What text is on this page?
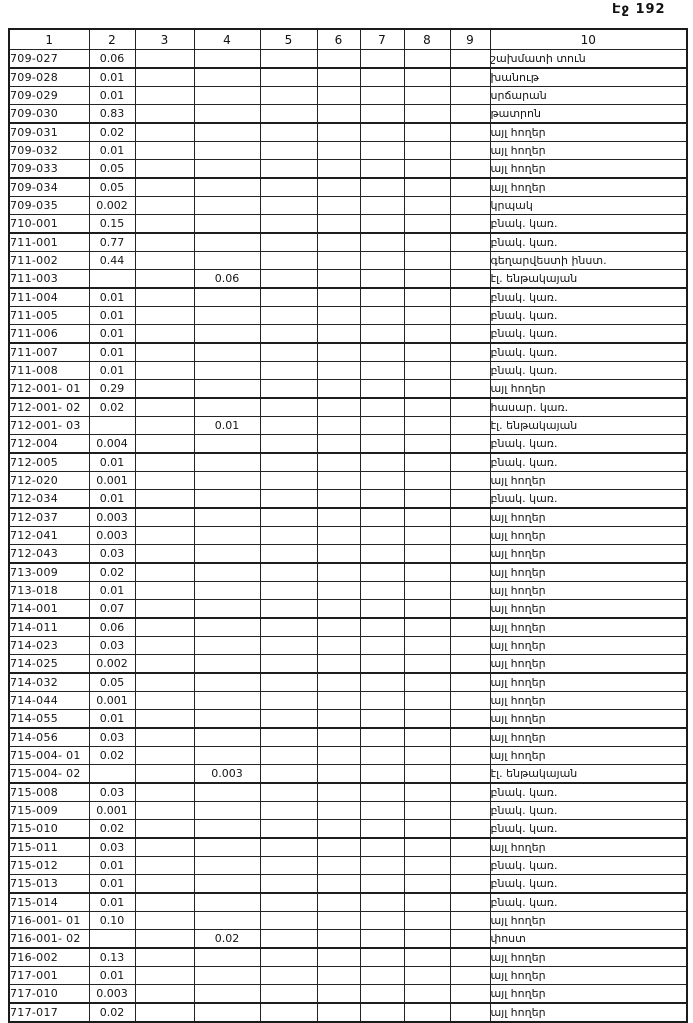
Էջ 192
1	2	3	4	5	6	7	8	9	10
709-027	0.06								շախմատի տուն
709-028	0.01								խանութ
709-029	0.01								սրճարան
709-030	0.83								թատրոն
709-031	0.02								այլ հողեր
709-032	0.01								այլ հողեր
709-033	0.05								այլ հողեր
709-034	0.05								այլ հողեր
709-035	0.002								կրպակ
710-001	0.15								բնակ. կառ.
711-001	0.77								բնակ. կառ.
711-002	0.44								գեղարվեստի ինստ.
711-003			0.06						էլ. ենթակայան
711-004	0.01								բնակ. կառ.
711-005	0.01								բնակ. կառ.
711-006	0.01								բնակ. կառ.
711-007	0.01								բնակ. կառ.
711-008	0.01								բնակ. կառ.
712-001- 01	0.29								այլ հողեր
712-001- 02	0.02								հասար. կառ.
712-001- 03			0.01						էլ. ենթակայան
712-004	0.004								բնակ. կառ.
712-005	0.01								բնակ. կառ.
712-020	0.001								այլ հողեր
712-034	0.01								բնակ. կառ.
712-037	0.003								այլ հողեր
712-041	0.003								այլ հողեր
712-043	0.03								այլ հողեր
713-009	0.02								այլ հողեր
713-018	0.01								այլ հողեր
714-001	0.07								այլ հողեր
714-011	0.06								այլ հողեր
714-023	0.03								այլ հողեր
714-025	0.002								այլ հողեր
714-032	0.05								այլ հողեր
714-044	0.001								այլ հողեր
714-055	0.01								այլ հողեր
714-056	0.03								այլ հողեր
715-004- 01	0.02								այլ հողեր
715-004- 02			0.003						էլ. ենթակայան
715-008	0.03								բնակ. կառ.
715-009	0.001								բնակ. կառ.
715-010	0.02								բնակ. կառ.
715-011	0.03								այլ հողեր
715-012	0.01								բնակ. կառ.
715-013	0.01								բնակ. կառ.
715-014	0.01								բնակ. կառ.
716-001- 01	0.10								այլ հողեր
716-001- 02			0.02						փոստ
716-002	0.13								այլ հողեր
717-001	0.01								այլ հողեր
717-010	0.003								այլ հողեր
717-017	0.02								այլ հողեր
